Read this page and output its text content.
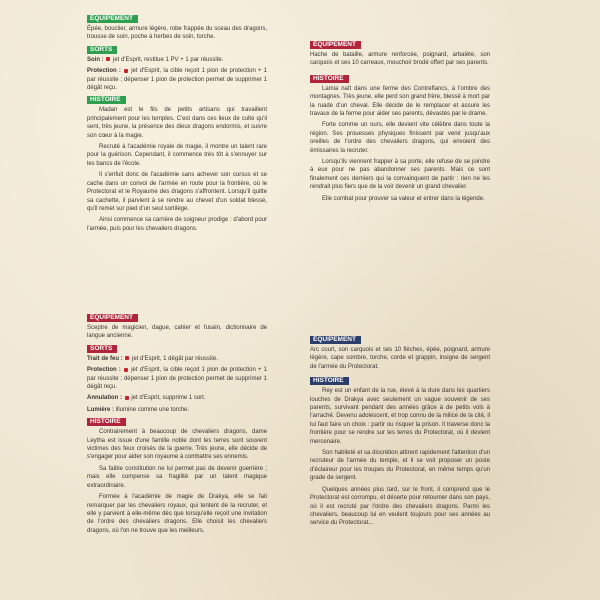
ÉQUIPEMENT

Épée, bouclier, armure légère, robe frappée du sceau des dragons, trousse de soin, poche à herbes de soin, torche.

SORTS

Soin : jet d'Esprit, restitue 1 PV + 1 par réussite.

Protection : jet d'Esprit, la cible reçoit 1 pion de protection + 1 par réussite ; dépenser 1 pion de protection permet de supprimer 1 dégât reçu.

HISTOIRE

Madan est le fils de petits artisans qui travaillent principalement pour les temples. C'est dans ces lieux de culte qu'il sent, très jeune, la présence des dieux dragons endormis, et suivre son cœur à la magie.

Recruté à l'académie royale de magie, il montre un talent rare pour la guérison. Cependant, il commence très tôt à s'ennuyer sur les bancs de l'école.

Il s'enfuit donc de l'académie sans achever son cursus et se cache dans un convoi de l'armée en route pour la frontière, où le Protectorat et le Royaume des dragons s'affrontent. Lorsqu'il quitte sa cachette, il parvient à se rendre au chevet d'un soldat blessé, qu'il remet sur pied d'un seul sortilège.

Ainsi commence sa carrière de soigneur prodige : d'abord pour l'armée, puis pour les chevaliers dragons.

ÉQUIPEMENT

Hache de bataille, armure renforcée, poignard, arbalète, son carquois et ses 10 carreaux, mouchoir brodé offert par ses parents.

HISTOIRE

Lamia naît dans une ferme des Contreflancs, à l'ombre des montagnes. Très jeune, elle perd son grand frère, blessé à mort par la ruade d'un cheval. Elle décide de le remplacer et assure les travaux de la ferme pour aider ses parents, dévastés par le drame.

Forte comme un ours, elle devient vite célèbre dans toute la région. Ses prouesses physiques finissent par venir jusqu'aux oreilles de l'ordre des chevaliers dragons, qui envoient des émissaires la recruter.

Lorsqu'ils viennent frapper à sa porte, elle refuse de se joindre à eux pour ne pas abandonner ses parents. Mais ce sont finalement ces derniers qui la convainquent de partir : rien ne les rendrait plus fiers que de la voir devenir un grand chevalier.

Elle combat pour prouver sa valeur et entrer dans la légende.

ÉQUIPEMENT

Sceptre de magicien, dague, cahier et fusain, dictionnaire de langue ancienne.

SORTS

Trait de feu : jet d'Esprit, 1 dégât par réussite.

Protection : jet d'Esprit, la cible reçoit 1 pion de protection + 1 par réussite ; dépenser 1 pion de protection permet de supprimer 1 dégât reçu.

Annulation : jet d'Esprit, supprime 1 sort.

Lumière : illumine comme une torche.

HISTOIRE

Contrairement à beaucoup de chevaliers dragons, dame Leytha est issue d'une famille noble dont les terres sont souvent victimes des feux croisés de la guerre. Très jeune, elle décide de s'engager pour aider son royaume à combattre ses ennemis.

Sa faible constitution ne lui permet pas de devenir guerrière ; mais elle compense sa fragilité par un talent magique extraordinaire.

Formée à l'académie de magie de Drakya, elle se fait remarquer par les chevaliers royaux, qui tentent de la recruter, et elle y parvient à elle-même dès que lorsqu'elle reçoit une invitation de l'ordre des chevaliers dragons. Elle choisit les chevaliers dragons, où l'on ne trouve que les meilleurs.

ÉQUIPEMENT

Arc court, son carquois et ses 10 flèches, épée, poignard, armure légère, cape sombre, torche, corde et grappin, insigne de sergent de l'armée du Protectorat.

HISTOIRE

Rey est un enfant de la rue, élevé à la dure dans les quartiers louches de Drakya avec seulement un vague souvenir de ses parents, survivant pendant des années grâce à de petits vols à l'arraché. Devenu adolescent, et trop connu de la milice de la cité, il lui faut faire un choix : partir ou risquer la prison. Il traverse donc la frontière pour se rendre sur les terres du Protectorat, où il devient mercenaire.

Son habileté et sa discrétion attirent rapidement l'attention d'un recruteur de l'armée du temple, et il se voit proposer un poste d'éclaireur pour les troupes du Protectorat, en même temps qu'un grade de sergent.

Quelques années plus tard, sur le front, il comprend que le Protectorat est corrompu, et déserte pour retourner dans son pays, où il est recruté par l'ordre des chevaliers dragons. Parmi les chevaliers, beaucoup lui en veulent toujours pour ses années au service du Protectorat...
